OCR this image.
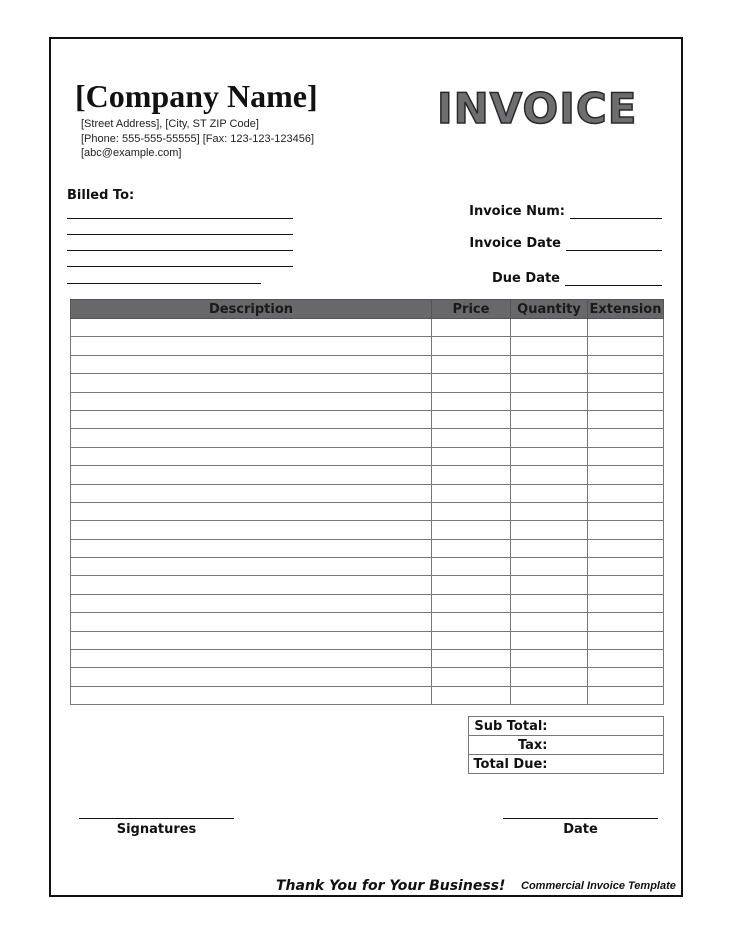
[Company Name]
[Street Address], [City, ST ZIP Code]
[Phone: 555-555-55555] [Fax: 123-123-123456]
[abc@example.com]
INVOICE
Billed To:
Invoice Num:
Invoice Date
Due Date
Description	Price	Quantity	Extension

Sub Total:	
Tax:	
Total Due:	
Signatures	Date
Thank You for Your Business! Commercial Invoice Template
